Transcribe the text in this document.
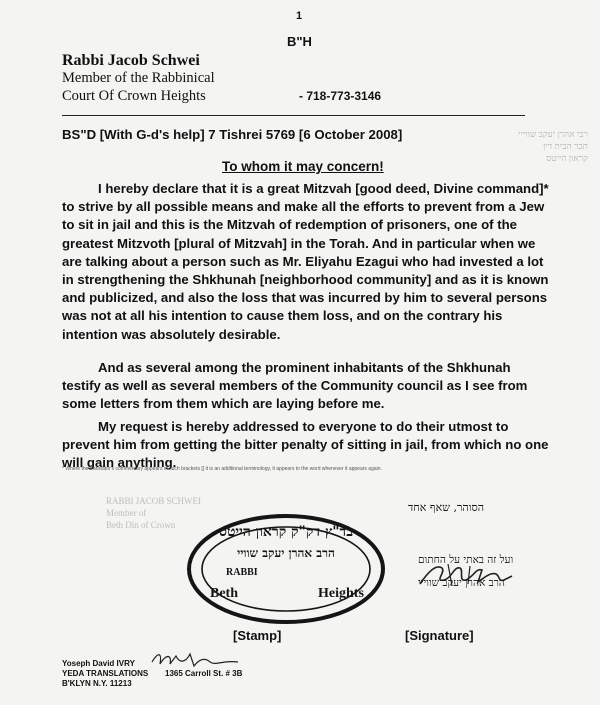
1
B"H
Rabbi Jacob Schwei
Member of the Rabbinical
Court Of Crown Heights	- 718-773-3146
רבי אהרן יעקב שווייי
חבר הבית דין
קראון הייטס
BS"D [With G-d's help] 7 Tishrei 5769 [6 October 2008]
To whom it may concern!

I hereby declare that it is a great Mitzvah [good deed, Divine command]* to strive by all possible means and make all the efforts to prevent from a Jew to sit in jail and this is the Mitzvah of redemption of prisoners, one of the greatest Mitzvoth [plural of Mitzvah] in the Torah. And in particular when we are talking about a person such as Mr. Eliyahu Ezagui who had invested a lot in strengthening the Shkhunah [neighborhood community] and as it is known and publicized, and also the loss that was incurred by him to several persons was not at all his intention to cause them loss, and on the contrary his intention was absolutely desirable.

And as several among the prominent inhabitants of the Shkhunah testify as well as several members of the Community council as I see from some letters from them which are laying before me.

My request is hereby addressed to everyone to do their utmost to prevent him from getting the bitter penalty of sitting in jail, from which no one will gain anything.

* Where the translator's commentary appears in such brackets [] it is an additional terminology, it appears to the word whenever it appears again.
RABBI JACOB SCHWEI
Member of
Beth Din of Crown
הסוהר, שאף אחד
בד"ץ דק"ק קראון הייטס
הרב אהרן יעקב שוויי
RABBI
Beth	Heights
ועל זה באתי על החתום
הרב אהרן יעקב שווייי
[Stamp]	[Signature]
Yoseph David IVRY
YEDA TRANSLATIONS 1365 Carroll St. # 3B
B'KLYN N.Y. 11213
